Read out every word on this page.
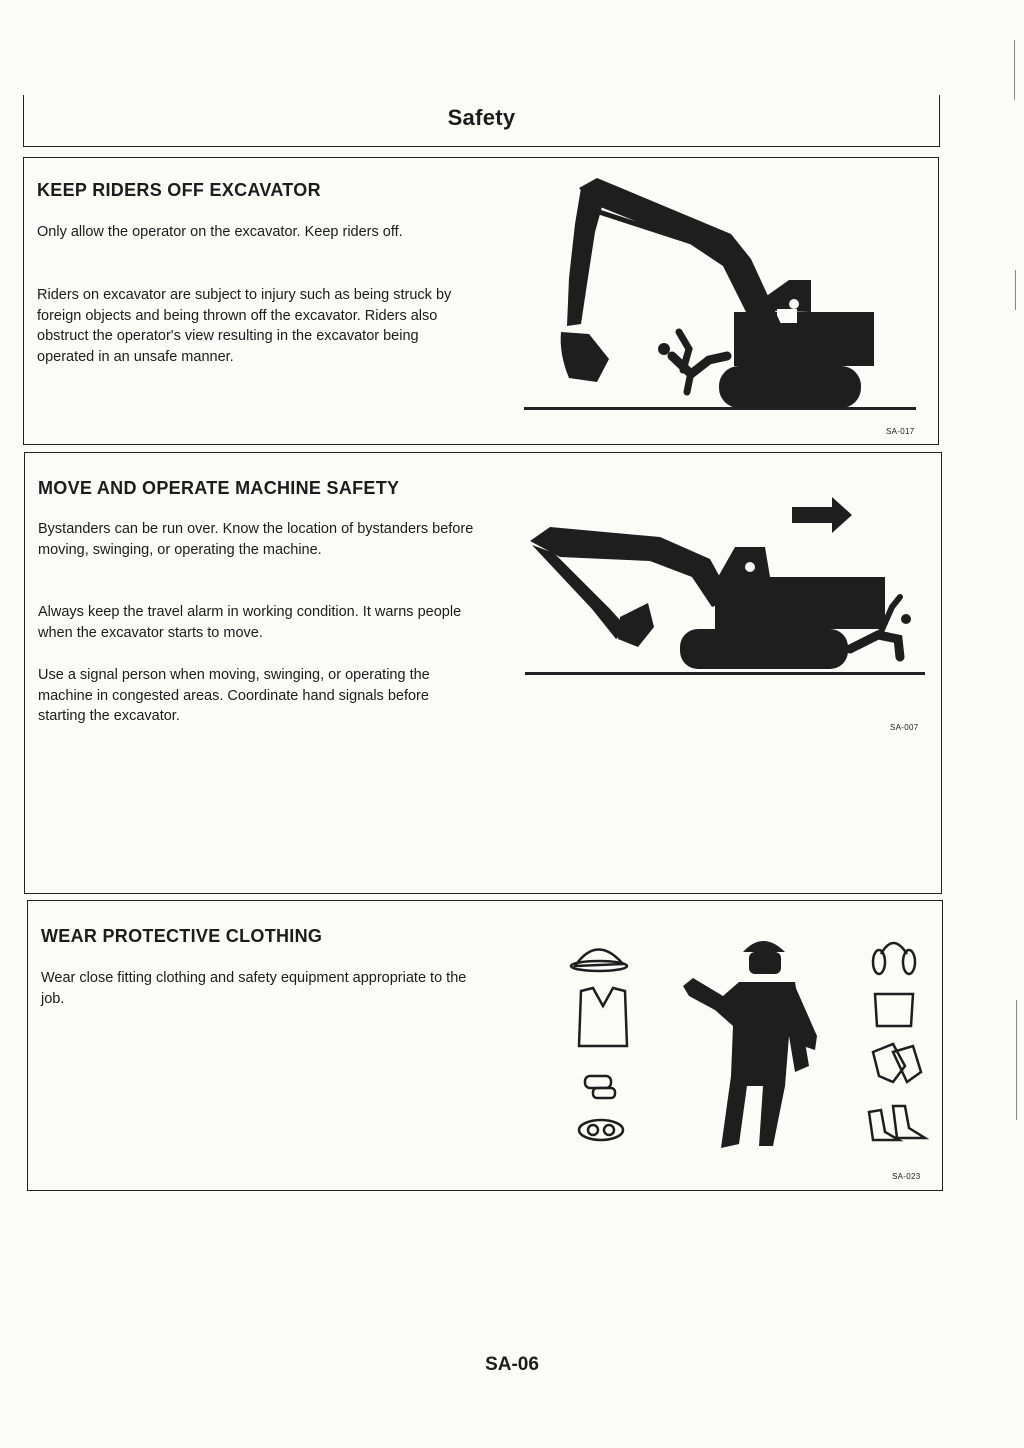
Safety
KEEP RIDERS OFF EXCAVATOR
Only allow the operator on the excavator. Keep riders off.
Riders on excavator are subject to injury such as being struck by foreign objects and being thrown off the excavator. Riders also obstruct the operator's view resulting in the excavator being operated in an unsafe manner.
SA-017
MOVE AND OPERATE MACHINE SAFETY
Bystanders can be run over. Know the location of bystanders before moving, swinging, or operating the machine.
Always keep the travel alarm in working condition. It warns people when the excavator starts to move.
Use a signal person when moving, swinging, or operating the machine in congested areas. Coordinate hand signals before starting the excavator.
SA-007
WEAR PROTECTIVE CLOTHING
Wear close fitting clothing and safety equipment appropriate to the job.
SA-023
SA-06
